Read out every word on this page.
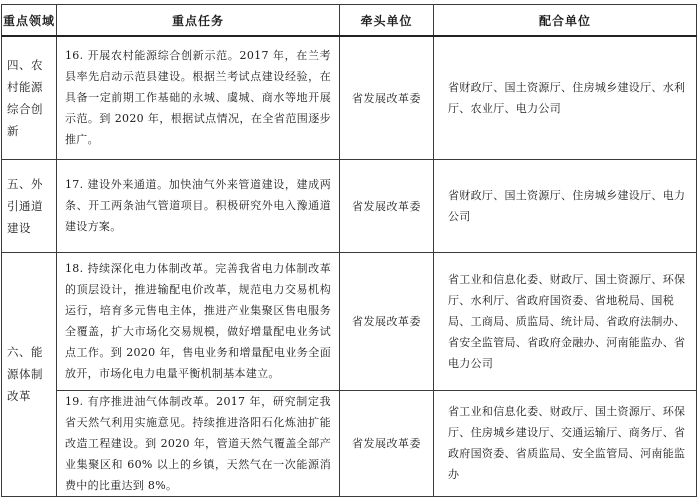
重点领域	重点任务	牵头单位	配合单位
四、农村能源综合创新	16. 开展农村能源综合创新示范。2017 年，在兰考县率先启动示范县建设。根据兰考试点建设经验，在具备一定前期工作基础的永城、虞城、商水等地开展示范。到 2020 年，根据试点情况，在全省范围逐步推广。	省发展改革委	省财政厅、国土资源厅、住房城乡建设厅、水利厅、农业厅、电力公司
五、外引通道建设	17. 建设外来通道。加快油气外来管道建设，建成两条、开工两条油气管道项目。积极研究外电入豫通道建设方案。	省发展改革委	省财政厅、国土资源厅、住房城乡建设厅、电力公司
六、能源体制改革	18. 持续深化电力体制改革。完善我省电力体制改革的顶层设计，推进输配电价改革，规范电力交易机构运行，培育多元售电主体，推进产业集聚区售电服务全覆盖，扩大市场化交易规模，做好增量配电业务试点工作。到 2020 年，售电业务和增量配电业务全面放开，市场化电力电量平衡机制基本建立。	省发展改革委	省工业和信息化委、财政厅、国土资源厅、环保厅、水利厅、省政府国资委、省地税局、国税局、工商局、质监局、统计局、省政府法制办、省安全监管局、省政府金融办、河南能监办、省电力公司
	19. 有序推进油气体制改革。2017 年，研究制定我省天然气利用实施意见。持续推进洛阳石化炼油扩能改造工程建设。到 2020 年，管道天然气覆盖全部产业集聚区和 60% 以上的乡镇，天然气在一次能源消费中的比重达到 8%。	省发展改革委	省工业和信息化委、财政厅、国土资源厅、环保厅、住房城乡建设厅、交通运输厅、商务厅、省政府国资委、省质监局、安全监管局、河南能监办
